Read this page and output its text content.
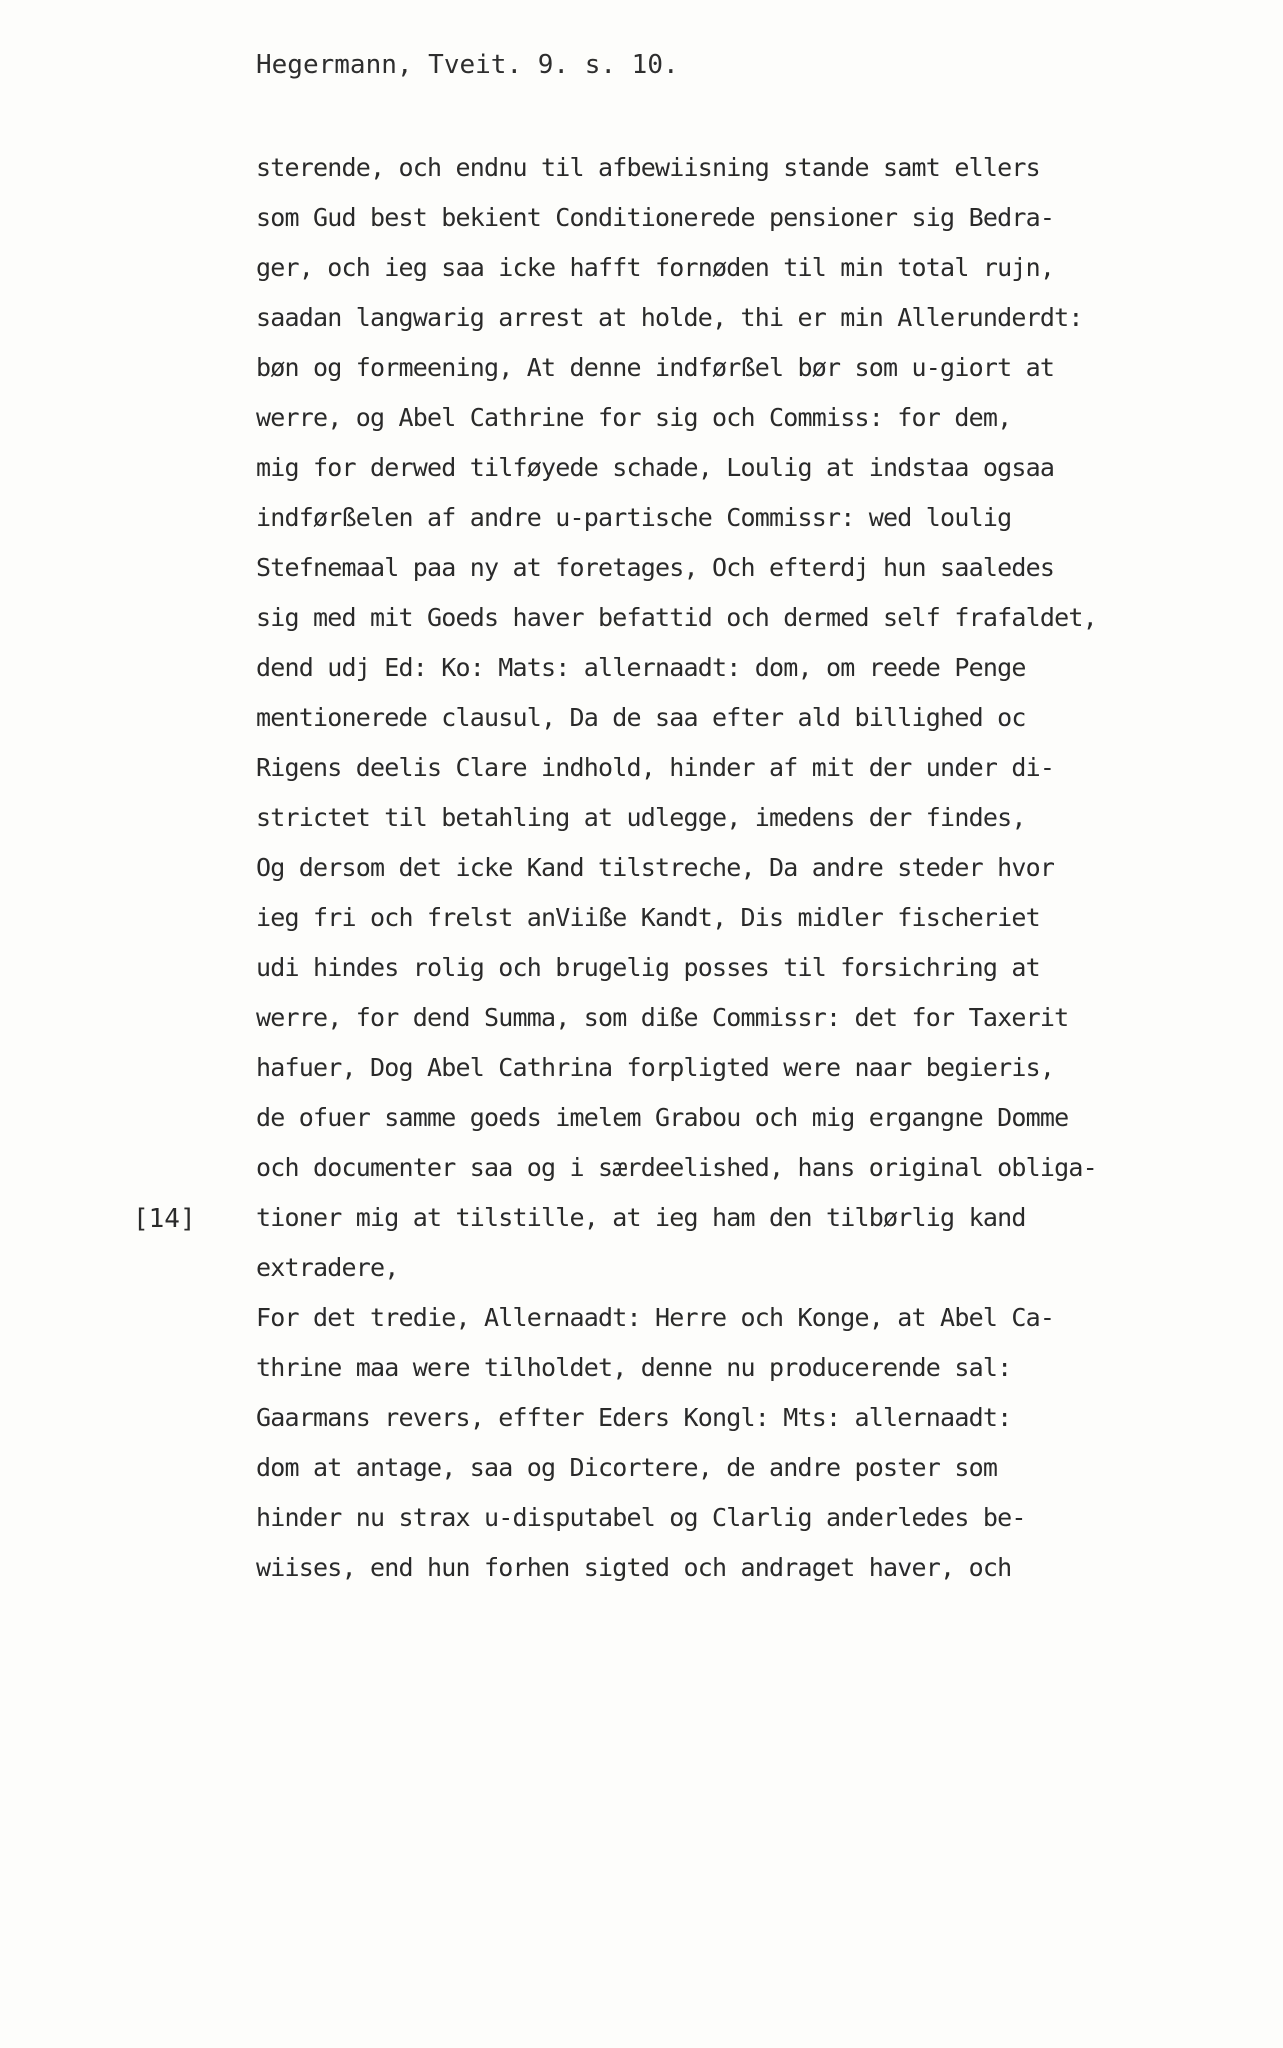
Hegermann, Tveit. 9. s. 10.
[14]
sterende, och endnu til afbewiisning stande samt ellers
som Gud best bekient Conditionerede pensioner sig Bedra-
ger, och ieg saa icke hafft fornøden til min total rujn,
saadan langwarig arrest at holde, thi er min Allerunderdt:
bøn og formeening, At denne indførßel bør som u-giort at
werre, og Abel Cathrine for sig och Commiss: for dem,
mig for derwed tilføyede schade, Loulig at indstaa ogsaa
indførßelen af andre u-partische Commissr: wed loulig
Stefnemaal paa ny at foretages, Och efterdj hun saaledes
sig med mit Goeds haver befattid och dermed self frafaldet,
dend udj Ed: Ko: Mats: allernaadt: dom, om reede Penge
mentionerede clausul, Da de saa efter ald billighed oc
Rigens deelis Clare indhold, hinder af mit der under di-
strictet til betahling at udlegge, imedens der findes,
Og dersom det icke Kand tilstreche, Da andre steder hvor
ieg fri och frelst anViiße Kandt, Dis midler fischeriet
udi hindes rolig och brugelig posses til forsichring at
werre, for dend Summa, som diße Commissr: det for Taxerit
hafuer, Dog Abel Cathrina forpligted were naar begieris,
de ofuer samme goeds imelem Grabou och mig ergangne Domme
och documenter saa og i særdeelished, hans original obliga-
tioner mig at tilstille, at ieg ham den tilbørlig kand
extradere,
For det tredie, Allernaadt: Herre och Konge, at Abel Ca-
thrine maa were tilholdet, denne nu producerende sal:
Gaarmans revers, effter Eders Kongl: Mts: allernaadt:
dom at antage, saa og Dicortere, de andre poster som
hinder nu strax u-disputabel og Clarlig anderledes be-
wiises, end hun forhen sigted och andraget haver, och
